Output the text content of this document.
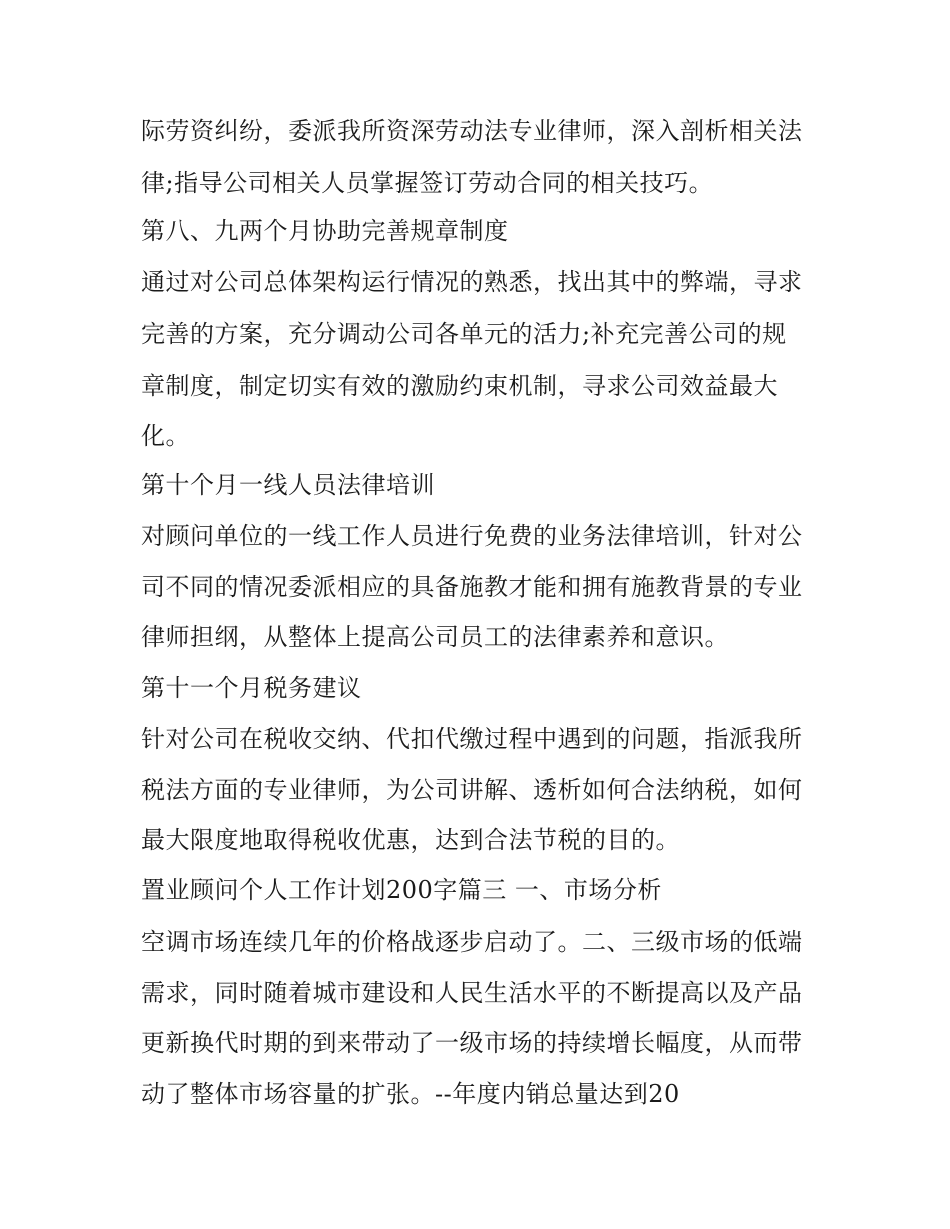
际劳资纠纷，委派我所资深劳动法专业律师，深入剖析相关法
律;指导公司相关人员掌握签订劳动合同的相关技巧。
第八、九两个月协助完善规章制度
通过对公司总体架构运行情况的熟悉，找出其中的弊端，寻求
完善的方案，充分调动公司各单元的活力;补充完善公司的规
章制度，制定切实有效的激励约束机制，寻求公司效益最大
化。
第十个月一线人员法律培训
对顾问单位的一线工作人员进行免费的业务法律培训，针对公
司不同的情况委派相应的具备施教才能和拥有施教背景的专业
律师担纲，从整体上提高公司员工的法律素养和意识。
第十一个月税务建议
针对公司在税收交纳、代扣代缴过程中遇到的问题，指派我所
税法方面的专业律师，为公司讲解、透析如何合法纳税，如何
最大限度地取得税收优惠，达到合法节税的目的。
置业顾问个人工作计划200字篇三 一、市场分析
空调市场连续几年的价格战逐步启动了。二、三级市场的低端
需求，同时随着城市建设和人民生活水平的不断提高以及产品
更新换代时期的到来带动了一级市场的持续增长幅度，从而带
动了整体市场容量的扩张。--年度内销总量达到20
